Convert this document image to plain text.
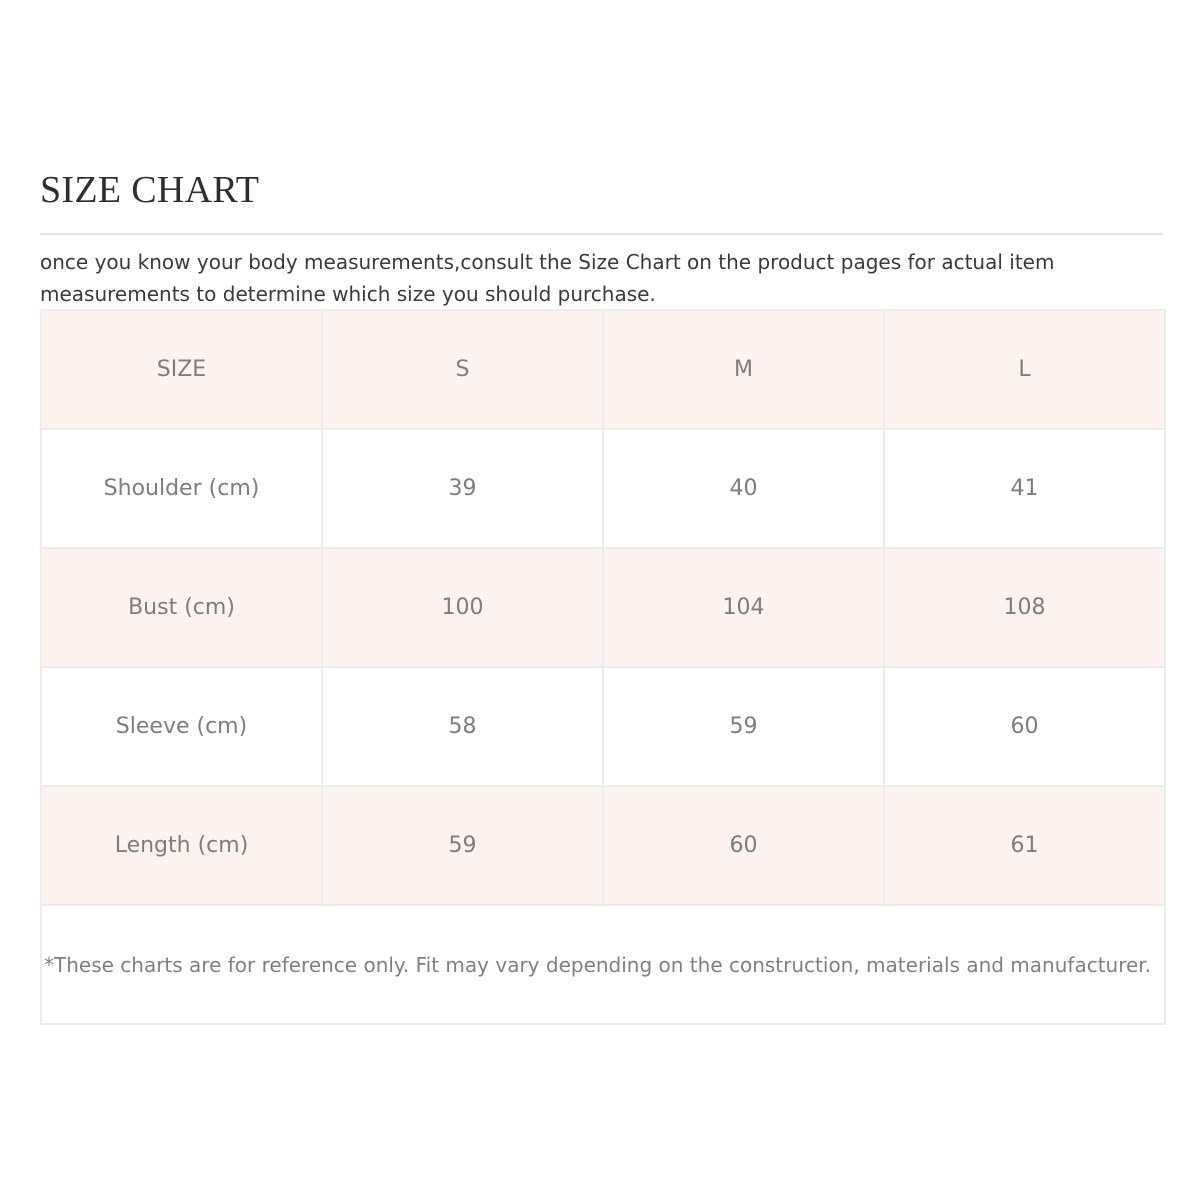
SIZE CHART

once you know your body measurements,consult the Size Chart on the product pages for actual item measurements to determine which size you should purchase.

SIZE	S	M	L
Shoulder (cm)	39	40	41
Bust (cm)	100	104	108
Sleeve (cm)	58	59	60
Length (cm)	59	60	61
*These charts are for reference only. Fit may vary depending on the construction, materials and manufacturer.			
